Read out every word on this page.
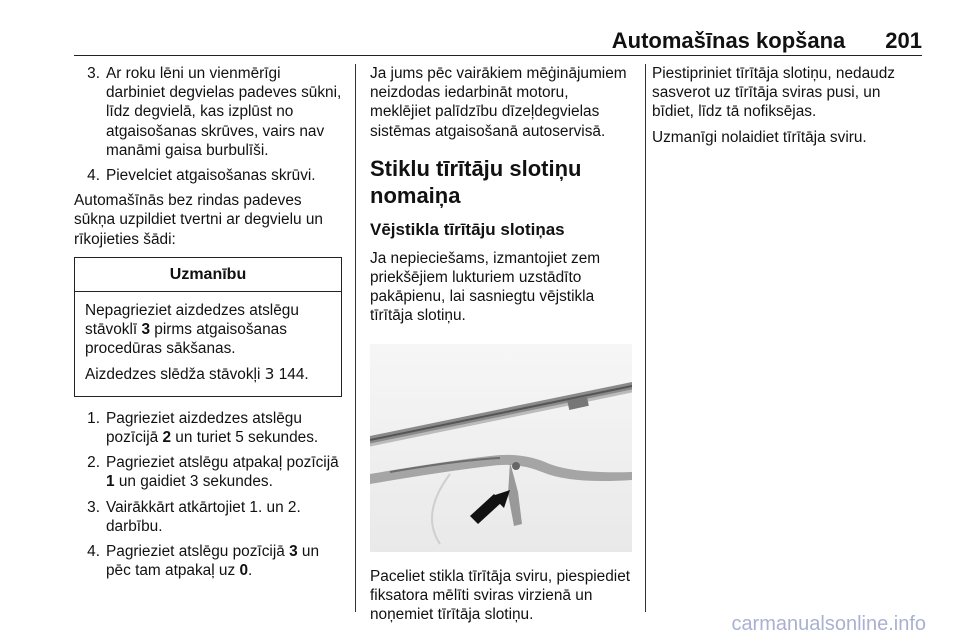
Automašīnas kopšana 201
3. Ar roku lēni un vienmērīgi darbiniet degvielas padeves sūkni, līdz degvielā, kas izplūst no atgaisošanas skrūves, vairs nav manāmi gaisa burbulīši.
4. Pievelciet atgaisošanas skrūvi.

Automašīnās bez rindas padeves sūkņa uzpildiet tvertni ar degvielu un rīkojieties šādi:

Uzmanību

Nepagrieziet aizdedzes atslēgu stāvoklī 3 pirms atgaisošanas procedūras sākšanas.

Aizdedzes slēdža stāvokļi 3 144.

1. Pagrieziet aizdedzes atslēgu pozīcijā 2 un turiet 5 sekundes.
2. Pagrieziet atslēgu atpakaļ pozīcijā 1 un gaidiet 3 sekundes.
3. Vairākkārt atkārtojiet 1. un 2. darbību.
4. Pagrieziet atslēgu pozīcijā 3 un pēc tam atpakaļ uz 0.

Ja jums pēc vairākiem mēģinājumiem neizdodas iedarbināt motoru, meklējiet palīdzību dīzeļdegvielas sistēmas atgaisošanā autoservisā.

Stiklu tīrītāju slotiņu nomaiņa
Vējstikla tīrītāju slotiņas

Ja nepieciešams, izmantojiet zem priekšējiem lukturiem uzstādīto pakāpienu, lai sasniegtu vējstikla tīrītāja slotiņu.

Paceliet stikla tīrītāja sviru, piespiediet fiksatora mēlīti sviras virzienā un noņemiet tīrītāja slotiņu.

Piestipriniet tīrītāja slotiņu, nedaudz sasverot uz tīrītāja sviras pusi, un bīdiet, līdz tā nofiksējas.

Uzmanīgi nolaidiet tīrītāja sviru.

carmanualsonline.info
